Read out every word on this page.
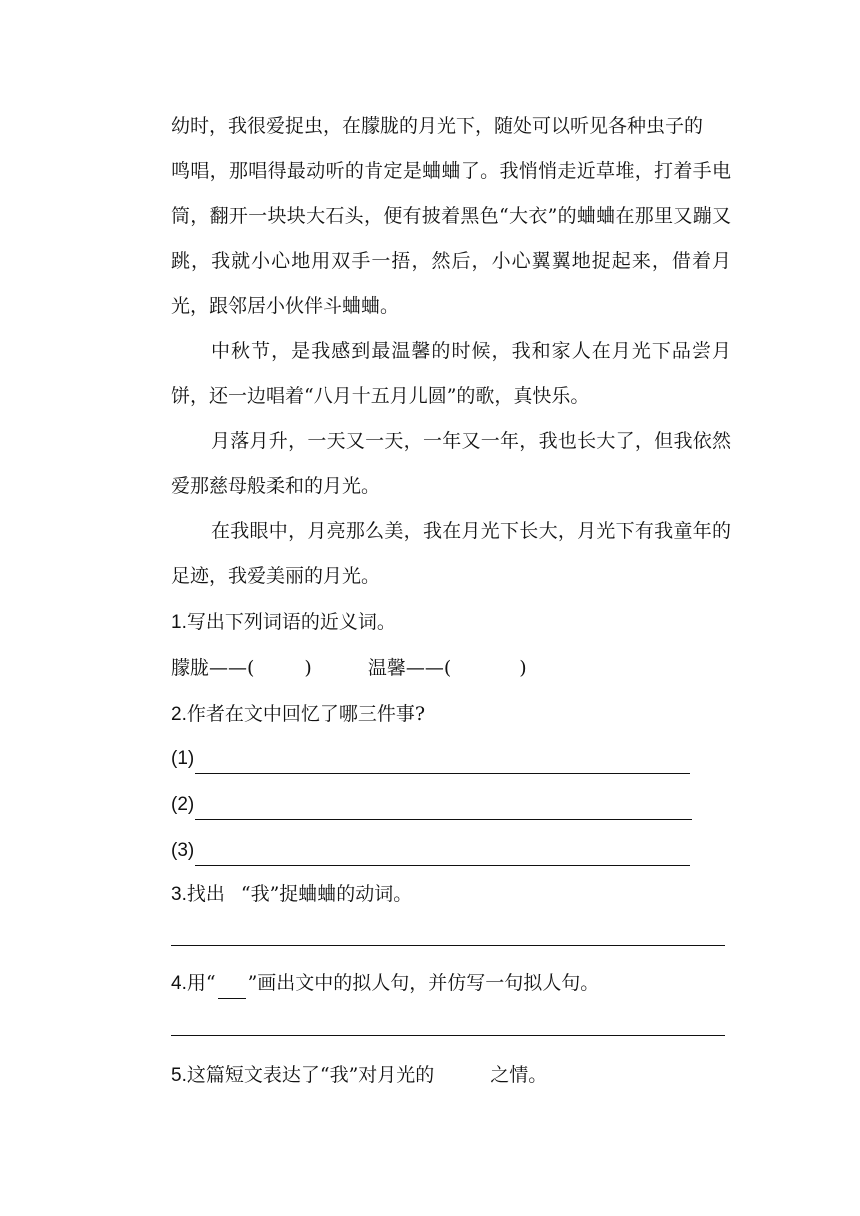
幼时，我很爱捉虫，在朦胧的月光下，随处可以听见各种虫子的
鸣唱，那唱得最动听的肯定是蛐蛐了。我悄悄走近草堆，打着手电筒，翻开一块块大石头，便有披着黑色“大衣”的蛐蛐在那里又蹦又跳，我就小心地用双手一捂，然后，小心翼翼地捉起来，借着月光，跟邻居小伙伴斗蛐蛐。

中秋节，是我感到最温馨的时候，我和家人在月光下品尝月饼，还一边唱着“八月十五月儿圆”的歌，真快乐。

月落月升，一天又一天，一年又一年，我也长大了，但我依然爱那慈母般柔和的月光。

在我眼中，月亮那么美，我在月光下长大，月光下有我童年的足迹，我爱美丽的月光。

1.写出下列词语的近义词。
朦胧——(	)	温馨——(	)
2.作者在文中回忆了哪三件事?
(1)
(2)
(3)
3.找出 “我”捉蛐蛐的动词。
4.用“ ”画出文中的拟人句，并仿写一句拟人句。
5.这篇短文表达了“我”对月光的	之情。
